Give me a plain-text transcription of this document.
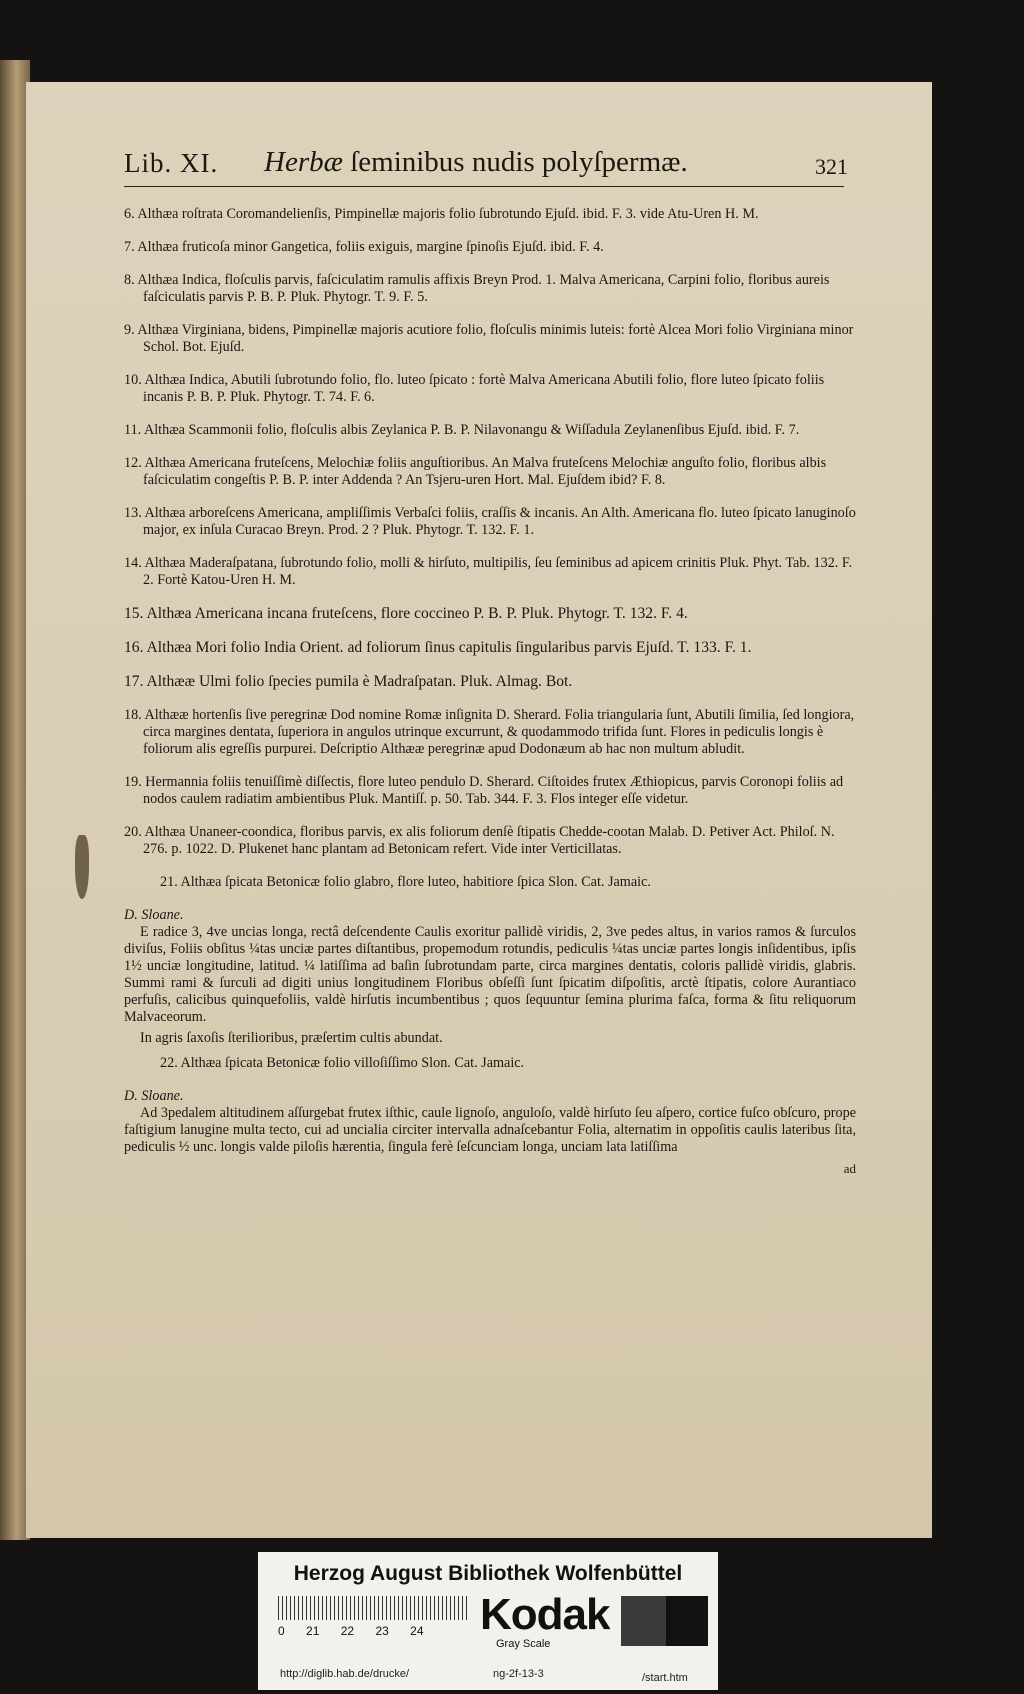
Lib. XI. Herbæ ſeminibus nudis polyſpermæ.	321
6. Althæa roſtrata Coromandelienſis, Pimpinellæ majoris folio ſubrotundo Ejuſd. ibid. F. 3. vide Atu-Uren H. M.
7. Althæa fruticoſa minor Gangetica, foliis exiguis, margine ſpinoſis Ejuſd. ibid. F. 4.
8. Althæa Indica, floſculis parvis, faſciculatim ramulis affixis Breyn Prod. 1. Malva Americana, Carpini folio, floribus aureis faſciculatis parvis P. B. P. Pluk. Phytogr. T. 9. F. 5.
9. Althæa Virginiana, bidens, Pimpinellæ majoris acutiore folio, floſculis minimis luteis: fortè Alcea Mori folio Virginiana minor Schol. Bot. Ejuſd.
10. Althæa Indica, Abutili ſubrotundo folio, flo. luteo ſpicato : fortè Malva Americana Abutili folio, flore luteo ſpicato foliis incanis P. B. P. Pluk. Phytogr. T. 74. F. 6.
11. Althæa Scammonii folio, floſculis albis Zeylanica P. B. P. Nilavonangu & Wiſſadula Zeylanenſibus Ejuſd. ibid. F. 7.
12. Althæa Americana fruteſcens, Melochiæ foliis anguſtioribus. An Malva fruteſcens Melochiæ anguſto folio, floribus albis faſciculatim congeſtis P. B. P. inter Addenda ? An Tsjeru-uren Hort. Mal. Ejuſdem ibid? F. 8.
13. Althæa arboreſcens Americana, ampliſſimis Verbaſci foliis, craſſis & incanis. An Alth. Americana flo. luteo ſpicato lanuginoſo major, ex inſula Curacao Breyn. Prod. 2 ? Pluk. Phytogr. T. 132. F. 1.
14. Althæa Maderaſpatana, ſubrotundo folio, molli & hirſuto, multipilis, ſeu ſeminibus ad apicem crinitis Pluk. Phyt. Tab. 132. F. 2. Fortè Katou-Uren H. M.
15. Althæa Americana incana fruteſcens, flore coccineo P. B. P. Pluk. Phytogr. T. 132. F. 4.
16. Althæa Mori folio India Orient. ad foliorum ſinus capitulis ſingularibus parvis Ejuſd. T. 133. F. 1.
17. Althææ Ulmi folio ſpecies pumila è Madraſpatan. Pluk. Almag. Bot.
18. Althææ hortenſis ſive peregrinæ Dod nomine Romæ inſignita D. Sherard. Folia triangularia ſunt, Abutili ſimilia, ſed longiora, circa margines dentata, ſuperiora in angulos utrinque excurrunt, & quodammodo trifida ſunt. Flores in pediculis longis è foliorum alis egreſſis purpurei. Deſcriptio Althææ peregrinæ apud Dodonæum ab hac non multum abludit.
19. Hermannia foliis tenuiſſimè diſſectis, flore luteo pendulo D. Sherard. Ciſtoides frutex Æthiopicus, parvis Coronopi foliis ad nodos caulem radiatim ambientibus Pluk. Mantiſſ. p. 50. Tab. 344. F. 3. Flos integer eſſe videtur.
20. Althæa Unaneer-coondica, floribus parvis, ex alis foliorum denſè ſtipatis Chedde-cootan Malab. D. Petiver Act. Philoſ. N. 276. p. 1022. D. Plukenet hanc plantam ad Betonicam refert. Vide inter Verticillatas.
21. Althæa ſpicata Betonicæ folio glabro, flore luteo, habitiore ſpica Slon. Cat. Jamaic.
D. Sloane.
E radice 3, 4ve uncias longa, rectâ deſcendente Caulis exoritur pallidè viridis, 2, 3ve pedes altus, in varios ramos & ſurculos diviſus, Foliis obſitus ¼tas unciæ partes diſtantibus, propemodum rotundis, pediculis ¼tas unciæ partes longis inſidentibus, ipſis 1½ unciæ longitudine, latitud. ¼ latiſſima ad baſin ſubrotundam parte, circa margines dentatis, coloris pallidè viridis, glabris. Summi rami & ſurculi ad digiti unius longitudinem Floribus obſeſſi ſunt ſpicatim diſpoſitis, arctè ſtipatis, colore Aurantiaco perfuſis, calicibus quinquefoliis, valdè hirſutis incumbentibus ; quos ſequuntur ſemina plurima faſca, forma & ſitu reliquorum Malvaceorum.
In agris ſaxoſis ſterilioribus, præſertim cultis abundat.
22. Althæa ſpicata Betonicæ folio villoſiſſimo Slon. Cat. Jamaic.
D. Sloane.
Ad 3pedalem altitudinem aſſurgebat frutex iſthic, caule lignoſo, angulоſo, valdè hirſuto ſeu aſpero, cortice fuſco obſcuro, prope faſtigium lanugine multa tecto, cui ad uncialia circiter intervalla adnaſcebantur Folia, alternatim in oppoſitis caulis lateribus ſita, pediculis ½ unc. longis valde piloſis hærentia, ſingula ferè ſeſcunciam longa, unciam lata latiſſima
ad
Herzog August Bibliothek Wolfenbüttel
0 21 22 23 24	Kodak
Gray Scale
http://diglib.hab.de/drucke/	ng-2f-13-3	/start.htm
